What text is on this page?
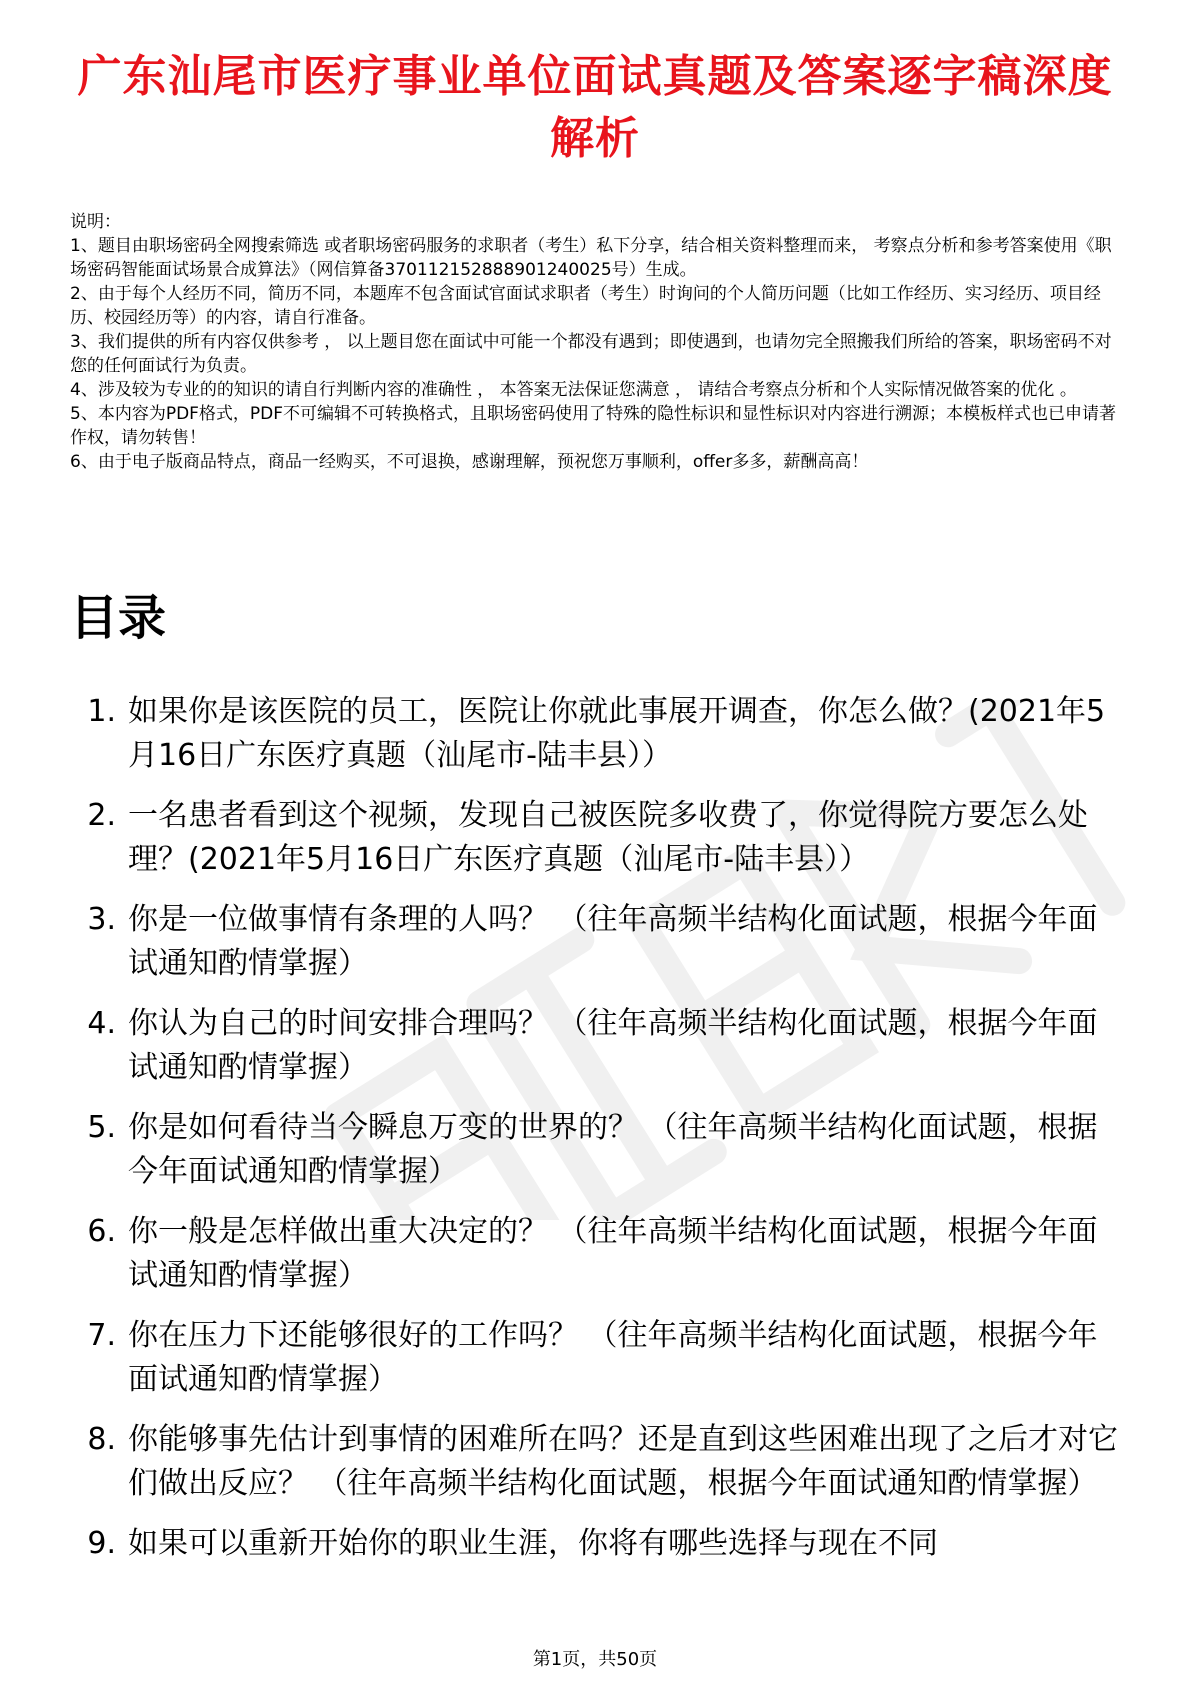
广东汕尾市医疗事业单位面试真题及答案逐字稿深度解析
说明：
1、题目由职场密码全网搜索筛选 或者职场密码服务的求职者（考生）私下分享，结合相关资料整理而来， 考察点分析和参考答案使用《职场密码智能面试场景合成算法》（网信算备370112152888901240025号）生成。
2、由于每个人经历不同，简历不同，本题库不包含面试官面试求职者（考生）时询问的个人简历问题（比如工作经历、实习经历、项目经历、校园经历等）的内容，请自行准备。
3、我们提供的所有内容仅供参考 ， 以上题目您在面试中可能一个都没有遇到；即使遇到，也请勿完全照搬我们所给的答案，职场密码不对您的任何面试行为负责。
4、涉及较为专业的的知识的请自行判断内容的准确性 ， 本答案无法保证您满意 ， 请结合考察点分析和个人实际情况做答案的优化 。
5、本内容为PDF格式，PDF不可编辑不可转换格式，且职场密码使用了特殊的隐性标识和显性标识对内容进行溯源；本模板样式也已申请著作权，请勿转售！
6、由于电子版商品特点，商品一经购买，不可退换，感谢理解，预祝您万事顺利，offer多多，薪酬高高！
目录
1. 如果你是该医院的员工，医院让你就此事展开调查，你怎么做？(2021年5月16日广东医疗真题（汕尾市-陆丰县））
2. 一名患者看到这个视频，发现自己被医院多收费了，你觉得院方要怎么处理？(2021年5月16日广东医疗真题（汕尾市-陆丰县））
3. 你是一位做事情有条理的人吗？ （往年高频半结构化面试题，根据今年面试通知酌情掌握）
4. 你认为自己的时间安排合理吗？ （往年高频半结构化面试题，根据今年面试通知酌情掌握）
5. 你是如何看待当今瞬息万变的世界的？ （往年高频半结构化面试题，根据今年面试通知酌情掌握）
6. 你一般是怎样做出重大决定的？ （往年高频半结构化面试题，根据今年面试通知酌情掌握）
7. 你在压力下还能够很好的工作吗？ （往年高频半结构化面试题，根据今年面试通知酌情掌握）
8. 你能够事先估计到事情的困难所在吗？还是直到这些困难出现了之后才对它们做出反应？ （往年高频半结构化面试题，根据今年面试通知酌情掌握）
9. 如果可以重新开始你的职业生涯，你将有哪些选择与现在不同
第1页，共50页
